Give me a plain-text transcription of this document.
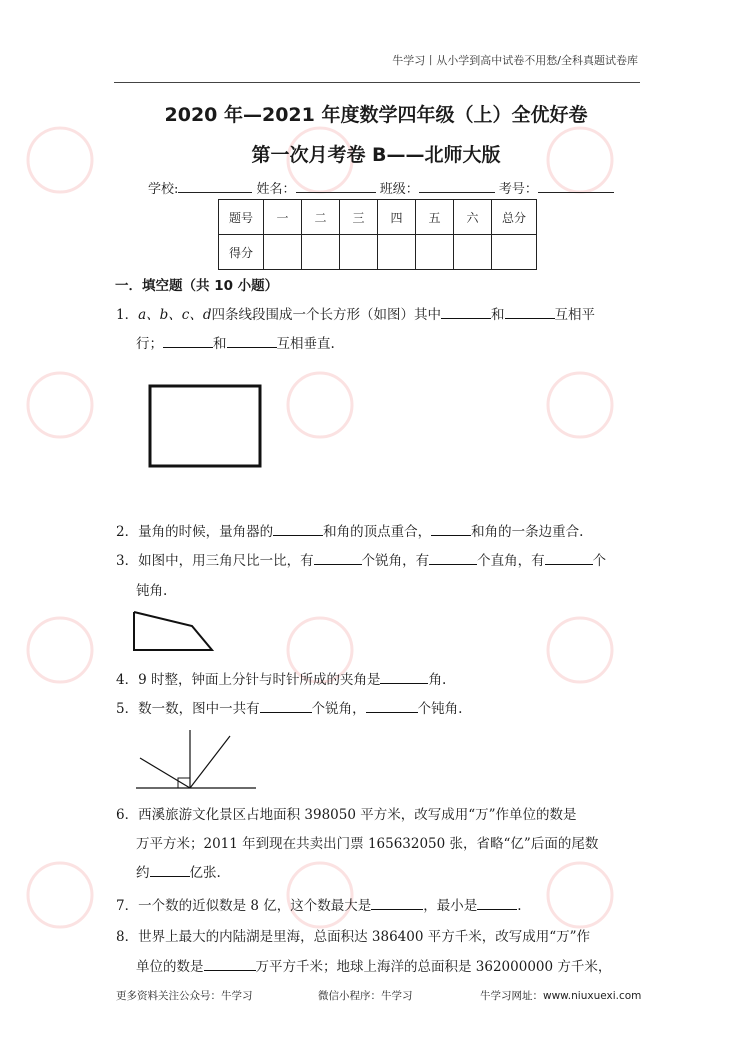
牛学习丨从小学到高中试卷不用愁/全科真题试卷库
2020 年—2021 年度数学四年级（上）全优好卷
第一次月考卷 B——北师大版
学校:	姓名：	班级：	考号：
题号	一	二	三	四	五	六	总分
得分							
一．填空题（共 10 小题）
1．a、b、c、d四条线段围成一个长方形（如图）其中	和	互相平
行；	和	互相垂直.
2．量角的时候，量角器的	和角的顶点重合，	和角的一条边重合.
3．如图中，用三角尺比一比，有	个锐角，有	个直角，有	个
钝角.
4．9 时整，钟面上分针与时针所成的夹角是	角.
5．数一数，图中一共有	个锐角，	个钝角.
6．西溪旅游文化景区占地面积 398050 平方米，改写成用“万”作单位的数是
万平方米；2011 年到现在共卖出门票 165632050 张，省略“亿”后面的尾数
约	亿张.
7．一个数的近似数是 8 亿，这个数最大是	，最小是	.
8．世界上最大的内陆湖是里海，总面积达 386400 平方千米，改写成用“万”作
单位的数是	万平方千米；地球上海洋的总面积是 362000000 方千米，
更多资料关注公众号：牛学习	微信小程序：牛学习	牛学习网址：www.niuxuexi.com
